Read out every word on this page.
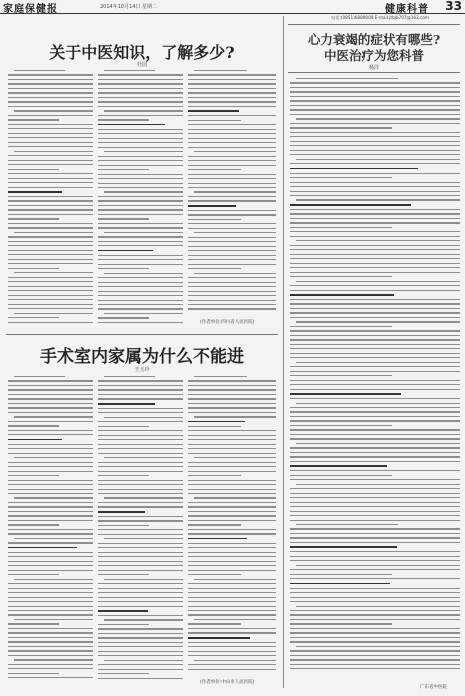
家庭保健报	2014年10月14日 星期二	健康科普 33
电话:(0851)6889009 E-mail:jtbjb707@163.com
关于中医知识，了解多少?
杜园
(作者单位:四川省人民医院)
手术室内家属为什么不能进
王玉玲
(作者单位:中山市人民医院)
心力衰竭的症状有哪些?
中医治疗为您科普
杨洋
广东省中医院
